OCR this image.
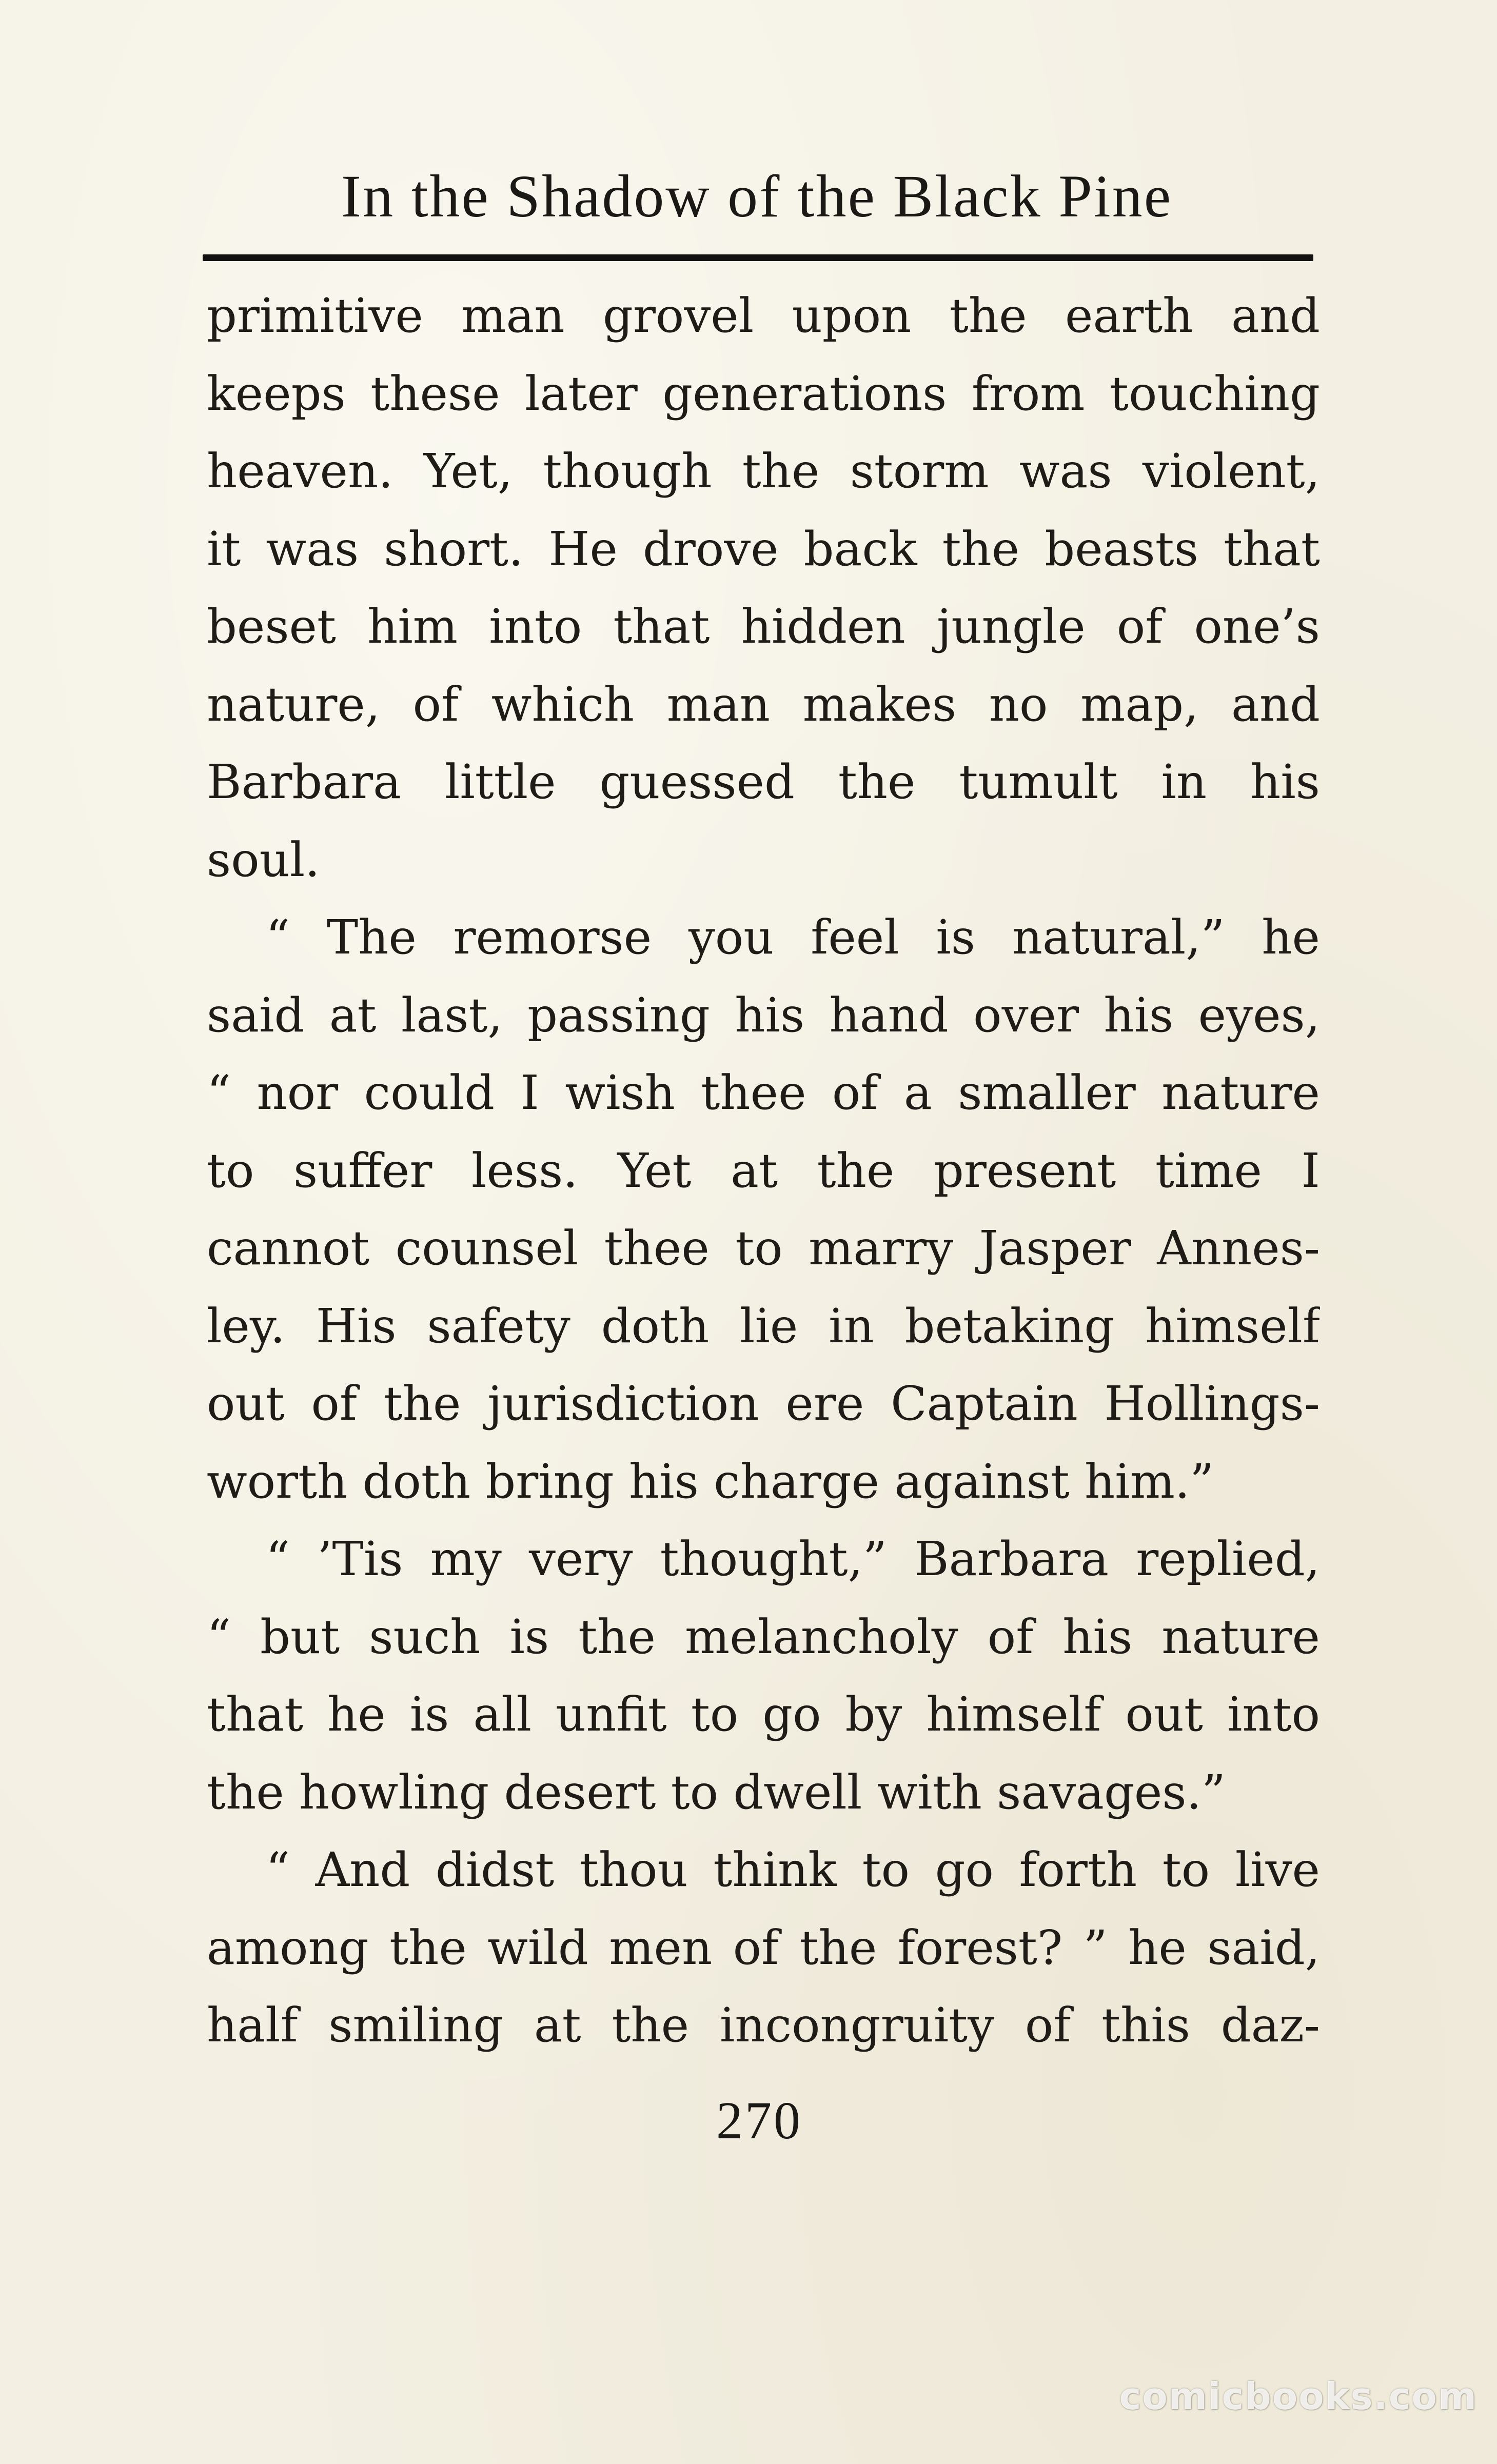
In the Shadow of the Black Pine
primitive man grovel upon the earth and
keeps these later generations from touching
heaven. Yet, though the storm was violent,
it was short. He drove back the beasts that
beset him into that hidden jungle of one’s
nature, of which man makes no map, and
Barbara little guessed the tumult in his
soul.
“ The remorse you feel is natural,” he
said at last, passing his hand over his eyes,
“ nor could I wish thee of a smaller nature
to suffer less. Yet at the present time I
cannot counsel thee to marry Jasper Annes-
ley. His safety doth lie in betaking himself
out of the jurisdiction ere Captain Hollings-
worth doth bring his charge against him.”
“ ’Tis my very thought,” Barbara replied,
“ but such is the melancholy of his nature
that he is all unfit to go by himself out into
the howling desert to dwell with savages.”
“ And didst thou think to go forth to live
among the wild men of the forest? ” he said,
half smiling at the incongruity of this daz-
270
comicbooks.com
